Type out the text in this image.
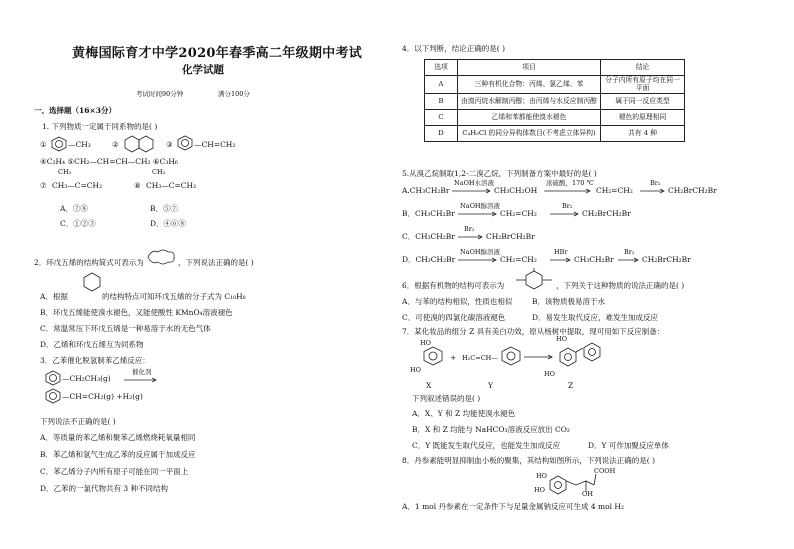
黄梅国际育才中学2020年春季高二年级期中考试
化学试题
考试时间90分钟	满分100分
一、选择题（16×3分）
1. 下列物质一定属于同系物的是( )
①	—CH₃	②	③	—CH=CH₂
④C₂H₄ ⑤CH₂—CH=CH—CH₂ ⑥C₃H₆
CH₃	CH₃
⑦ CH₃—C=CH₂	⑧ CH₃—C=CH₂
A．⑦⑧	B．⑤⑦
C．①②③	D．④⑥⑧
2．环戊五烯的结构简式可表示为	，下列说法正确的是( )
A．根据	的结构特点可知环戊五烯的分子式为 C₁₀H₈
B．环戊五烯能使溴水褪色，又能使酸性 KMnO₄溶液褪色
C．常温常压下环戊五烯是一种易溶于水的无色气体
D．乙烯和环戊五烯互为同系物
3．乙苯催化脱氢制苯乙烯反应：
—CH₂CH₃(g)
催化剂
—CH=CH₂(g) +H₂(g)
下列说法不正确的是( )
A．等质量的苯乙烯和聚苯乙烯燃烧耗氧量相同
B．苯乙烯和氢气生成乙苯的反应属于加成反应
C．苯乙烯分子内所有原子可能在同一平面上
D．乙苯的一氯代物共有 3 种不同结构
4．以下判断，结论正确的是( )
选项	项目	结论
A	三种有机化合物：丙烯、氯乙烯、苯	分子内所有原子均在同一平面
B	由溴丙烷水解制丙醇；由丙烯与水反应制丙醇	属于同一反应类型
C	乙烯和苯都能使溴水褪色	褪色的原理相同
D	C₄H₉Cl 的同分异构体数目(不考虑立体异构)	共有 4 种
5.从溴乙烷制取1,2-二溴乙烷，下列制备方案中最好的是( )
A.CH₃CH₂Br
NaOH水溶液
CH₃CH₂OH
浓硫酸，170 ℃
CH₂=CH₂
Br₂
→ CH₂BrCH₂Br
B．CH₃CH₂Br
NaOH醇溶液
CH₂=CH₂
Br₂
→ CH₂BrCH₂Br
C．CH₃CH₂Br
Br₂
→ CH₂BrCH₂Br
D．CH₃CH₂Br
NaOH醇溶液
CH₂=CH₂
HBr
→ CH₃CH₂Br
Br₂
→ CH₂BrCH₂Br
6．根据有机物的结构可表示为	，下列关于这种物质的说法正确的是( )
A．与苯的结构相似，性质也相似	B．该物质极易溶于水
C．可使溴的四氯化碳溶液褪色	D．易发生取代反应，难发生加成反应
7．某化妆品的组分 Z 具有美白功效，原从杨树中提取，现可用如下反应制备：
HO
HO
X
+ H₂C=CH—
Y
HO
HO
Z
下列叙述错误的是( )
A．X、Y 和 Z 均能使溴水褪色
B．X 和 Z 均能与 NaHCO₃溶液反应放出 CO₂
C．Y 既能发生取代反应，也能发生加成反应	D．Y 可作加聚反应单体
8．丹参素能明显抑制血小板的聚集，其结构如图所示，下列说法正确的是( )
COOH
HO
HO	OH
A．1 mol 丹参素在一定条件下与足量金属钠反应可生成 4 mol H₂
